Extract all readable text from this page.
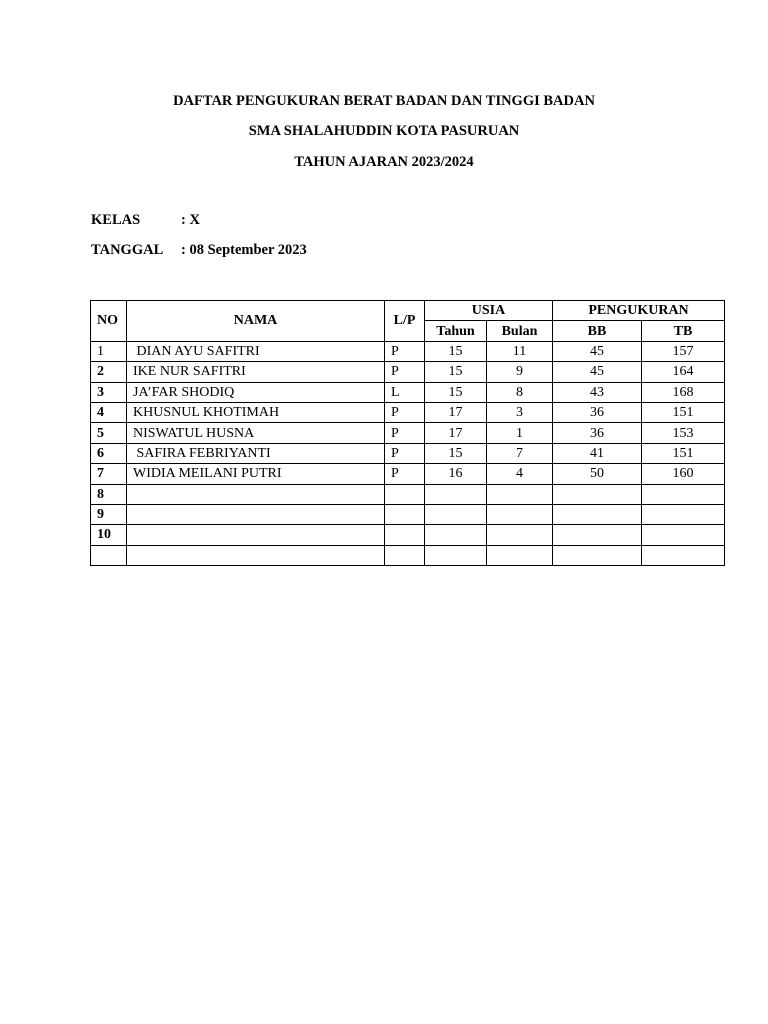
DAFTAR PENGUKURAN BERAT BADAN DAN TINGGI BADAN
SMA SHALAHUDDIN KOTA PASURUAN
TAHUN AJARAN 2023/2024
KELAS	: X
TANGGAL : 08 September 2023
NO	NAMA	L/P	USIA		PENGUKURAN	
			Tahun	Bulan	BB	TB
1	DIAN AYU SAFITRI	P	15	11	45	157
2	IKE NUR SAFITRI	P	15	9	45	164
3	JA’FAR SHODIQ	L	15	8	43	168
4	KHUSNUL KHOTIMAH	P	17	3	36	151
5	NISWATUL HUSNA	P	17	1	36	153
6	SAFIRA FEBRIYANTI	P	15	7	41	151
7	WIDIA MEILANI PUTRI	P	16	4	50	160
8						
9						
10						
